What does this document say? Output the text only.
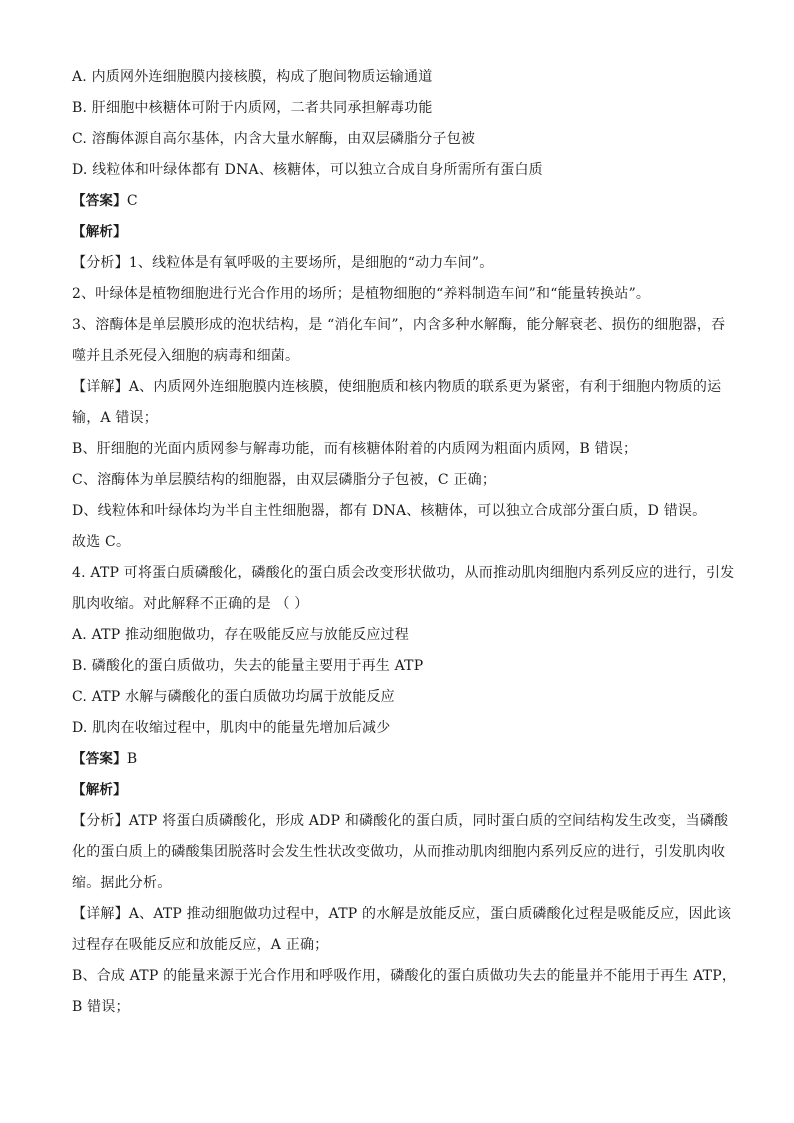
A. 内质网外连细胞膜内接核膜，构成了胞间物质运输通道
B. 肝细胞中核糖体可附于内质网，二者共同承担解毒功能
C. 溶酶体源自高尔基体，内含大量水解酶，由双层磷脂分子包被
D. 线粒体和叶绿体都有 DNA、核糖体，可以独立合成自身所需所有蛋白质
【答案】C
【解析】
【分析】1、线粒体是有氧呼吸的主要场所，是细胞的“动力车间”。
2、叶绿体是植物细胞进行光合作用的场所；是植物细胞的“养料制造车间”和“能量转换站”。
3、溶酶体是单层膜形成的泡状结构，是 “消化车间”，内含多种水解酶，能分解衰老、损伤的细胞器，吞
噬并且杀死侵入细胞的病毒和细菌。
【详解】A、内质网外连细胞膜内连核膜，使细胞质和核内物质的联系更为紧密，有利于细胞内物质的运
输，A 错误；
B、肝细胞的光面内质网参与解毒功能，而有核糖体附着的内质网为粗面内质网，B 错误；
C、溶酶体为单层膜结构的细胞器，由双层磷脂分子包被，C 正确；
D、线粒体和叶绿体均为半自主性细胞器，都有 DNA、核糖体，可以独立合成部分蛋白质，D 错误。
故选 C。
4. ATP 可将蛋白质磷酸化，磷酸化的蛋白质会改变形状做功，从而推动肌肉细胞内系列反应的进行，引发
肌肉收缩。对此解释不正确的是 （ ）
A. ATP 推动细胞做功，存在吸能反应与放能反应过程
B. 磷酸化的蛋白质做功，失去的能量主要用于再生 ATP
C. ATP 水解与磷酸化的蛋白质做功均属于放能反应
D. 肌肉在收缩过程中，肌肉中的能量先增加后减少
【答案】B
【解析】
【分析】ATP 将蛋白质磷酸化，形成 ADP 和磷酸化的蛋白质，同时蛋白质的空间结构发生改变，当磷酸
化的蛋白质上的磷酸集团脱落时会发生性状改变做功，从而推动肌肉细胞内系列反应的进行，引发肌肉收
缩。据此分析。
【详解】A、ATP 推动细胞做功过程中，ATP 的水解是放能反应，蛋白质磷酸化过程是吸能反应，因此该
过程存在吸能反应和放能反应，A 正确；
B、合成 ATP 的能量来源于光合作用和呼吸作用，磷酸化的蛋白质做功失去的能量并不能用于再生 ATP，
B 错误；
